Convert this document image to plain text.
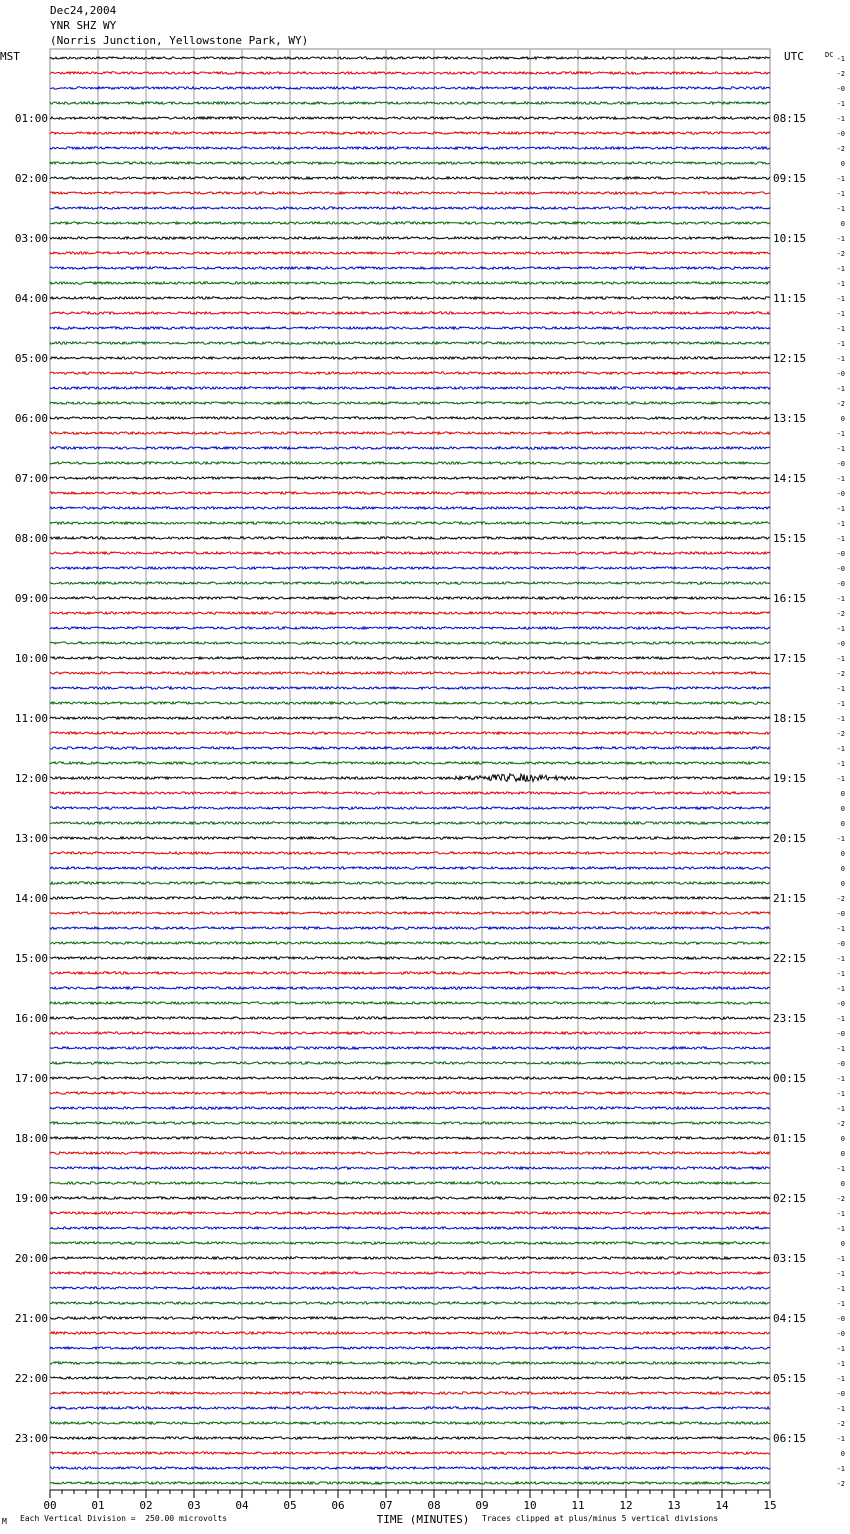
Dec24,2004
YNR SHZ WY
(Norris Junction, Yellowstone Park, WY)
00	01	02	03	04	05	06	07	08	09	10	11	12	13	14	15
TIME (MINUTES)
-1
-2
-0
-1
-1
-0
-2
0
-1
-1
-1
0
-1
-2
-1
-1
-1
-1
-1
-1
-1
-0
-1
-2
0
-1
-1
-0
-1
-0
-1
-1
-1
-0
-0
-0
-1
-2
-1
-0
-1
-2
-1
-1
-1
-2
-1
-1
-1
0
0
0
-1
0
0
0
-2
-0
-1
-0
-1
-1
-1
-0
-1
-0
-1
-0
-1
-1
-1
-2
0
0
-1
0
-2
-1
-1
0
-1
-1
-1
-1
-0
-0
-1
-1
-1
-0
-1
-2
-1
0
-1
-2
MST	UTC	DC
01:00
02:00
03:00
04:00
05:00
06:00
07:00
08:00
09:00
10:00
11:00
12:00
13:00
14:00
15:00
16:00
17:00
18:00
19:00
20:00
21:00
22:00
23:00
08:15
09:15
10:15
11:15
12:15
13:15
14:15
15:15
16:15
17:15
18:15
19:15
20:15
21:15
22:15
23:15
00:15
01:15
02:15
03:15
04:15
05:15
06:15
M Each Vertical Division =  250.00 microvolts	Traces clipped at plus/minus 5 vertical divisions
